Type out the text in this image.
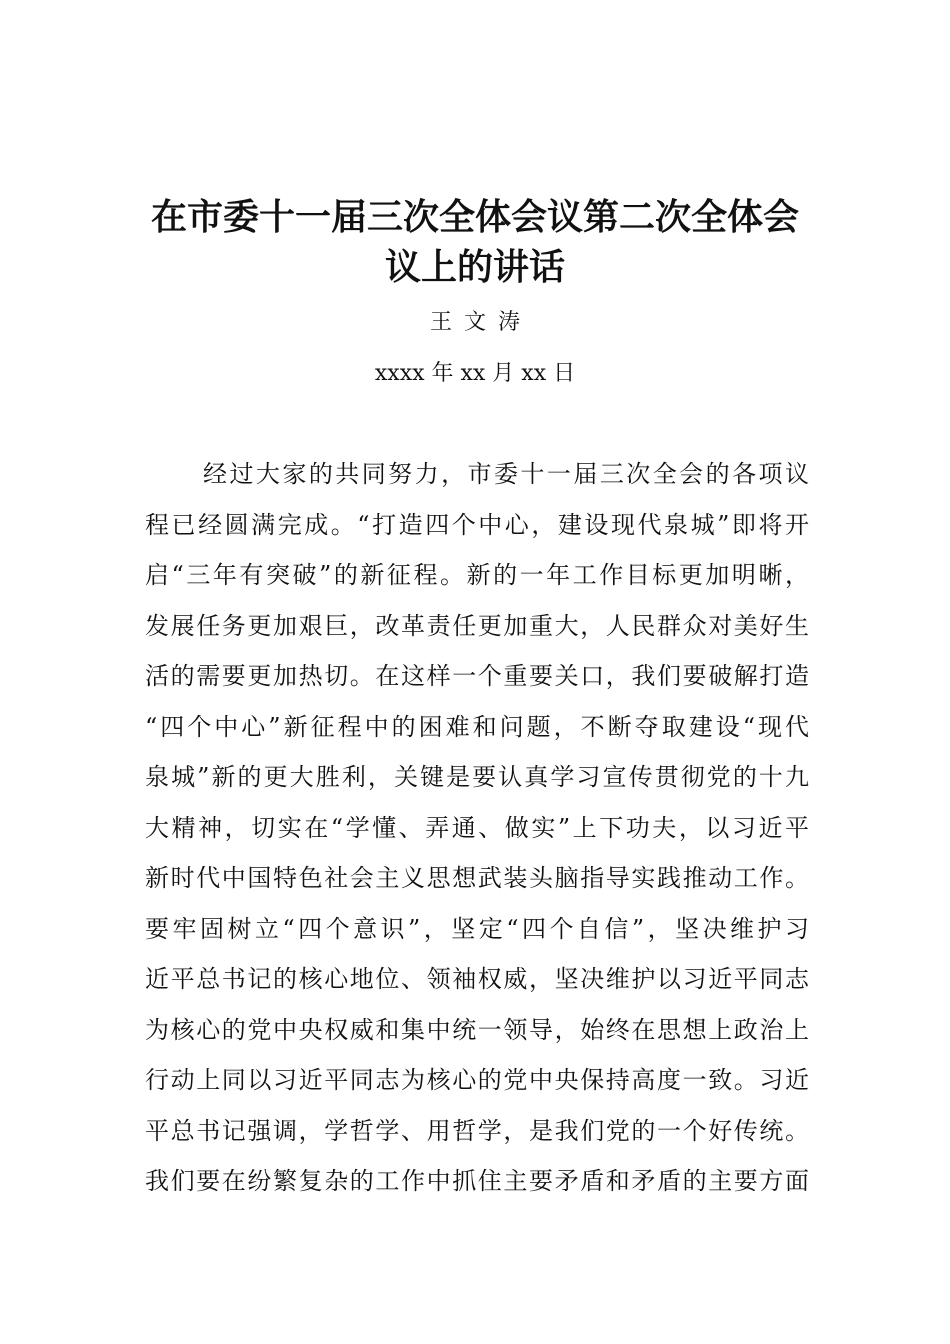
在市委十一届三次全体会议第二次全体会
议上的讲话
王文涛
xxxx 年 xx 月 xx 日
经过大家的共同努力，市委十一届三次全会的各项议
程已经圆满完成。“打造四个中心，建设现代泉城”即将开
启“三年有突破”的新征程。新的一年工作目标更加明晰，
发展任务更加艰巨，改革责任更加重大，人民群众对美好生
活的需要更加热切。在这样一个重要关口，我们要破解打造
“四个中心”新征程中的困难和问题，不断夺取建设“现代
泉城”新的更大胜利，关键是要认真学习宣传贯彻党的十九
大精神，切实在“学懂、弄通、做实”上下功夫，以习近平
新时代中国特色社会主义思想武装头脑指导实践推动工作。
要牢固树立“四个意识”，坚定“四个自信”，坚决维护习
近平总书记的核心地位、领袖权威，坚决维护以习近平同志
为核心的党中央权威和集中统一领导，始终在思想上政治上
行动上同以习近平同志为核心的党中央保持高度一致。习近
平总书记强调，学哲学、用哲学，是我们党的一个好传统。
我们要在纷繁复杂的工作中抓住主要矛盾和矛盾的主要方面
